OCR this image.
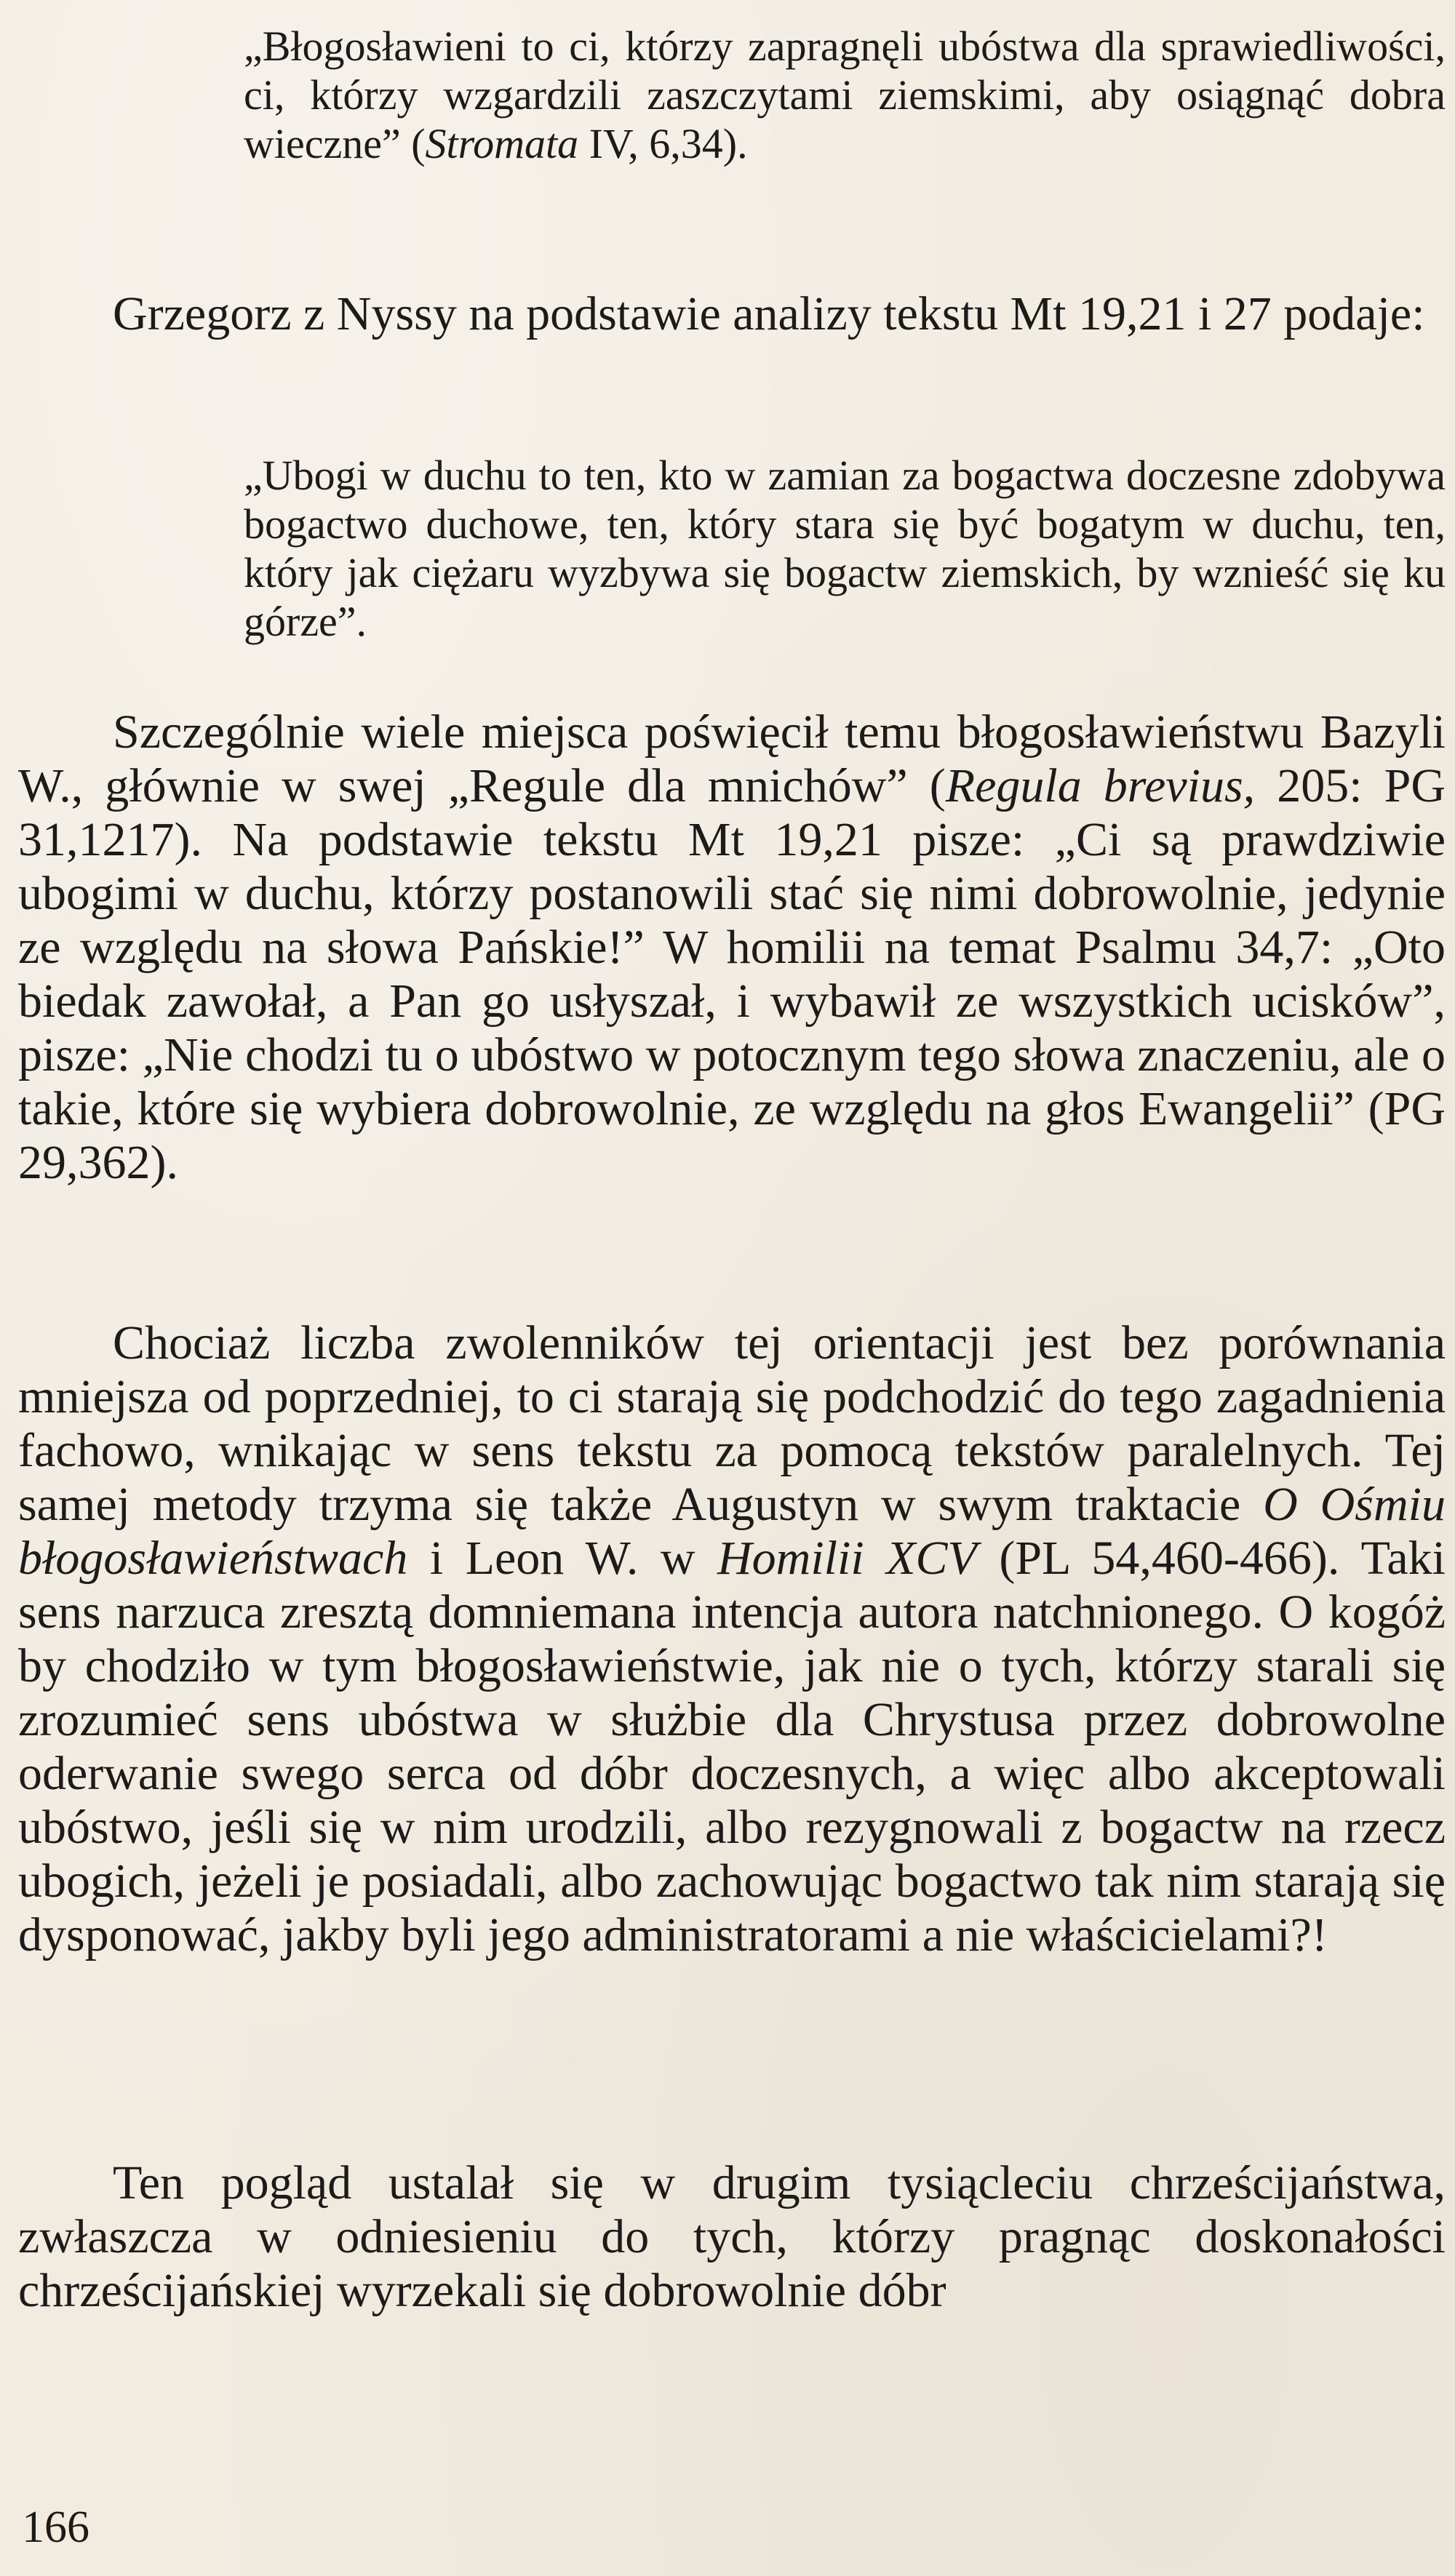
„Błogosławieni to ci, którzy zapragnęli ubóstwa dla sprawiedliwości, ci, którzy wzgardzili zaszczytami ziemskimi, aby osiągnąć dobra wieczne” (Stromata IV, 6,34).

Grzegorz z Nyssy na podstawie analizy tekstu Mt 19,21 i 27 podaje:

„Ubogi w duchu to ten, kto w zamian za bogactwa doczesne zdobywa bogactwo duchowe, ten, który stara się być bogatym w duchu, ten, który jak ciężaru wyzbywa się bogactw ziemskich, by wznieść się ku górze”.

Szczególnie wiele miejsca poświęcił temu błogosławieństwu Bazyli W., głównie w swej „Regule dla mnichów” (Regula brevius, 205: PG 31,1217). Na podstawie tekstu Mt 19,21 pisze: „Ci są prawdziwie ubogimi w duchu, którzy postanowili stać się nimi dobrowolnie, jedynie ze względu na słowa Pańskie!” W homilii na temat Psalmu 34,7: „Oto biedak zawołał, a Pan go usłyszał, i wybawił ze wszystkich ucisków”, pisze: „Nie chodzi tu o ubóstwo w potocznym tego słowa znaczeniu, ale o takie, które się wybiera dobrowolnie, ze względu na głos Ewangelii” (PG 29,362).

Chociaż liczba zwolenników tej orientacji jest bez porównania mniejsza od poprzedniej, to ci starają się podchodzić do tego zagadnienia fachowo, wnikając w sens tekstu za pomocą tekstów paralelnych. Tej samej metody trzyma się także Augustyn w swym traktacie O Ośmiu błogosławieństwach i Leon W. w Homilii XCV (PL 54,460-466). Taki sens narzuca zresztą domniemana intencja autora natchnionego. O kogóż by chodziło w tym błogosławieństwie, jak nie o tych, którzy starali się zrozumieć sens ubóstwa w służbie dla Chrystusa przez dobrowolne oderwanie swego serca od dóbr doczesnych, a więc albo akceptowali ubóstwo, jeśli się w nim urodzili, albo rezygnowali z bogactw na rzecz ubogich, jeżeli je posiadali, albo zachowując bogactwo tak nim starają się dysponować, jakby byli jego administratorami a nie właścicielami?!

Ten pogląd ustalał się w drugim tysiącleciu chrześcijaństwa, zwłaszcza w odniesieniu do tych, którzy pragnąc doskonałości chrześcijańskiej wyrzekali się dobrowolnie dóbr

166
